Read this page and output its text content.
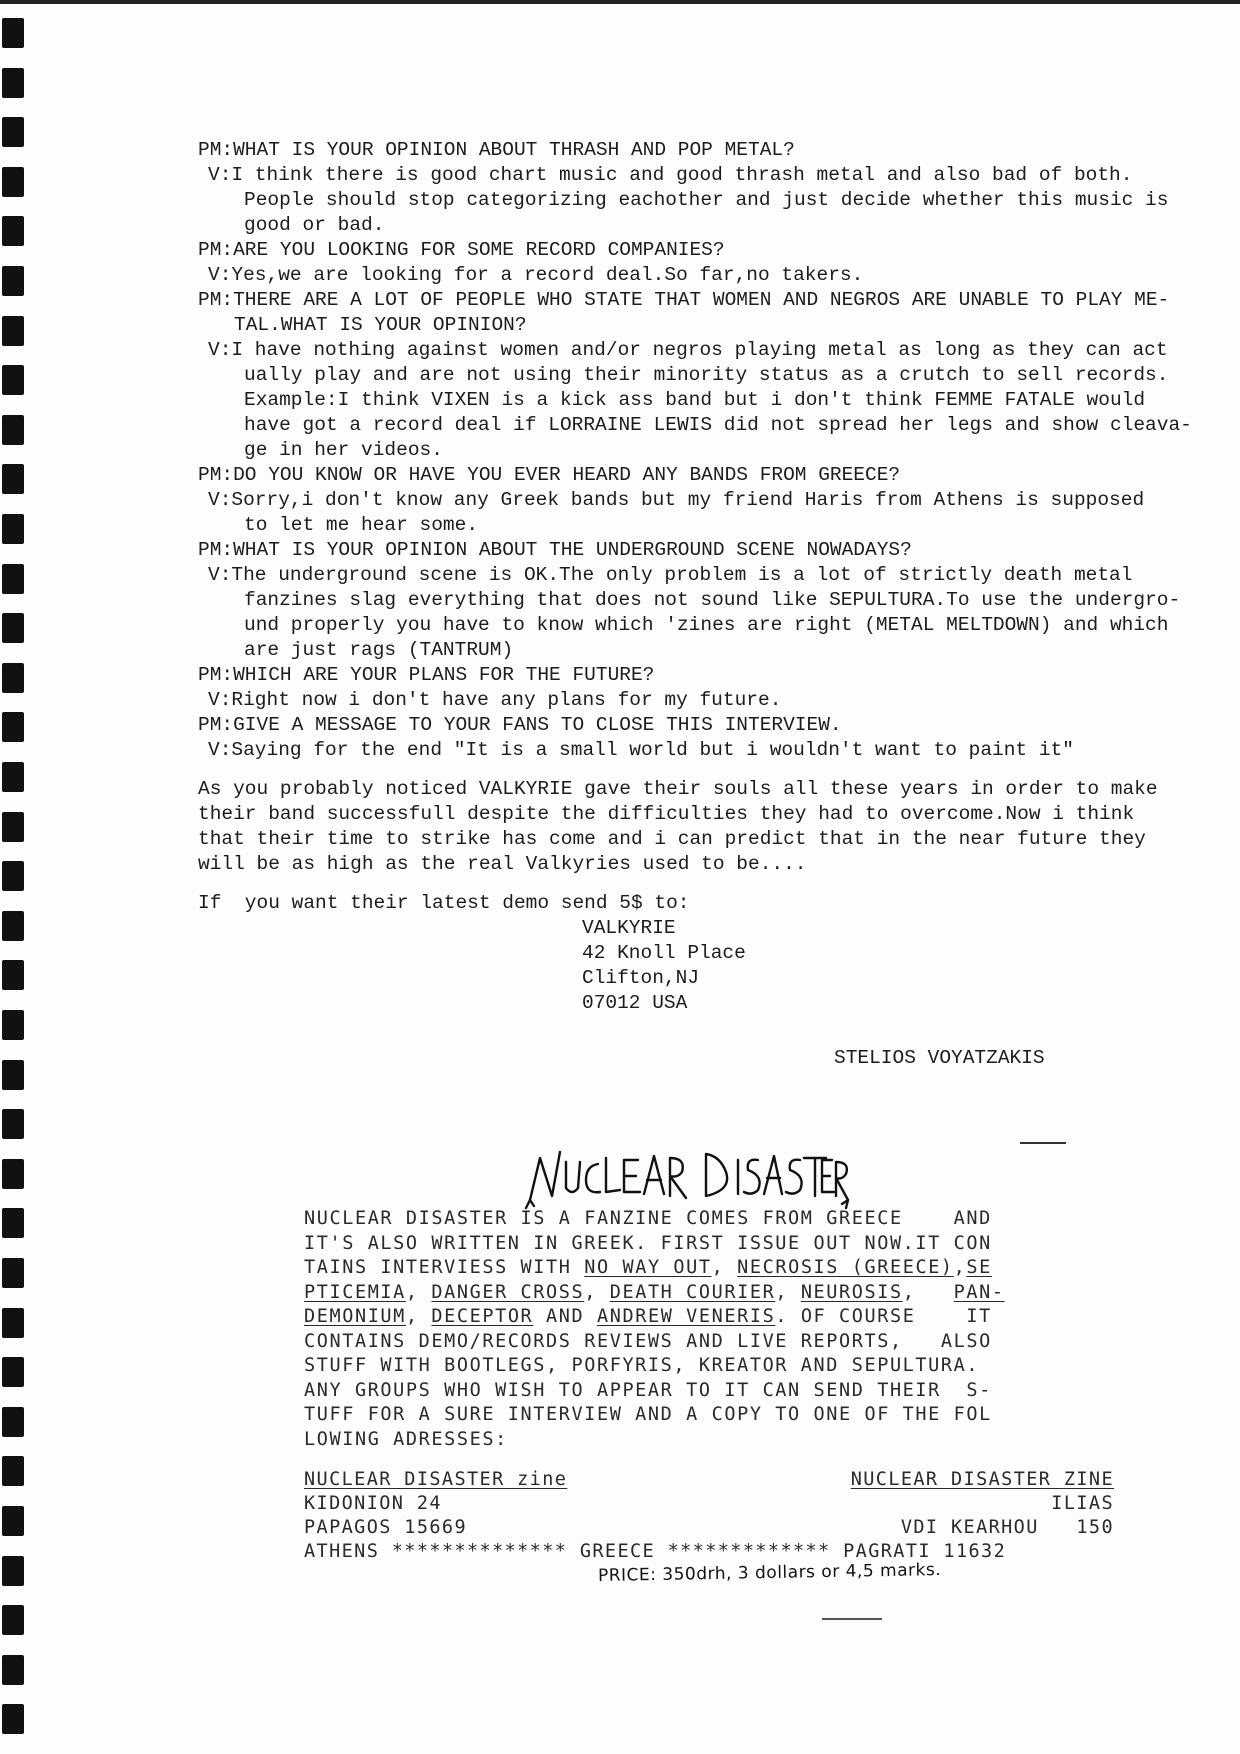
PM:WHAT IS YOUR OPINION ABOUT THRASH AND POP METAL?
V:I think there is good chart music and good thrash metal and also bad of both.
People should stop categorizing eachother and just decide whether this music is
good or bad.
PM:ARE YOU LOOKING FOR SOME RECORD COMPANIES?
V:Yes,we are looking for a record deal.So far,no takers.
PM:THERE ARE A LOT OF PEOPLE WHO STATE THAT WOMEN AND NEGROS ARE UNABLE TO PLAY ME-
TAL.WHAT IS YOUR OPINION?
V:I have nothing against women and/or negros playing metal as long as they can act
ually play and are not using their minority status as a crutch to sell records.
Example:I think VIXEN is a kick ass band but i don't think FEMME FATALE would
have got a record deal if LORRAINE LEWIS did not spread her legs and show cleava-
ge in her videos.
PM:DO YOU KNOW OR HAVE YOU EVER HEARD ANY BANDS FROM GREECE?
V:Sorry,i don't know any Greek bands but my friend Haris from Athens is supposed
to let me hear some.
PM:WHAT IS YOUR OPINION ABOUT THE UNDERGROUND SCENE NOWADAYS?
V:The underground scene is OK.The only problem is a lot of strictly death metal
fanzines slag everything that does not sound like SEPULTURA.To use the undergro-
und properly you have to know which 'zines are right (METAL MELTDOWN) and which
are just rags (TANTRUM)
PM:WHICH ARE YOUR PLANS FOR THE FUTURE?
V:Right now i don't have any plans for my future.
PM:GIVE A MESSAGE TO YOUR FANS TO CLOSE THIS INTERVIEW.
V:Saying for the end "It is a small world but i wouldn't want to paint it"
As you probably noticed VALKYRIE gave their souls all these years in order to make
their band successfull despite the difficulties they had to overcome.Now i think
that their time to strike has come and i can predict that in the near future they
will be as high as the real Valkyries used to be....
If  you want their latest demo send 5$ to:
VALKYRIE
42 Knoll Place
Clifton,NJ
07012 USA
STELIOS VOYATZAKIS
NUCLEAR DISASTER IS A FANZINE COMES FROM GREECE    AND
IT'S ALSO WRITTEN IN GREEK. FIRST ISSUE OUT NOW.IT CON
TAINS INTERVIESS WITH NO WAY OUT, NECROSIS (GREECE),SE
PTICEMIA, DANGER CROSS, DEATH COURIER, NEUROSIS,   PAN-
DEMONIUM, DECEPTOR AND ANDREW VENERIS. OF COURSE    IT
CONTAINS DEMO/RECORDS REVIEWS AND LIVE REPORTS,   ALSO
STUFF WITH BOOTLEGS, PORFYRIS, KREATOR AND SEPULTURA.
ANY GROUPS WHO WISH TO APPEAR TO IT CAN SEND THEIR  S-
TUFF FOR A SURE INTERVIEW AND A COPY TO ONE OF THE FOL
LOWING ADRESSES:
NUCLEAR DISASTER zine
KIDONION 24
PAPAGOS 15669
NUCLEAR DISASTER ZINE
ILIAS
VDI KEARHOU   150
ATHENS ************** GREECE ************* PAGRATI 11632
PRICE: 350drh, 3 dollars or 4,5 marks.
